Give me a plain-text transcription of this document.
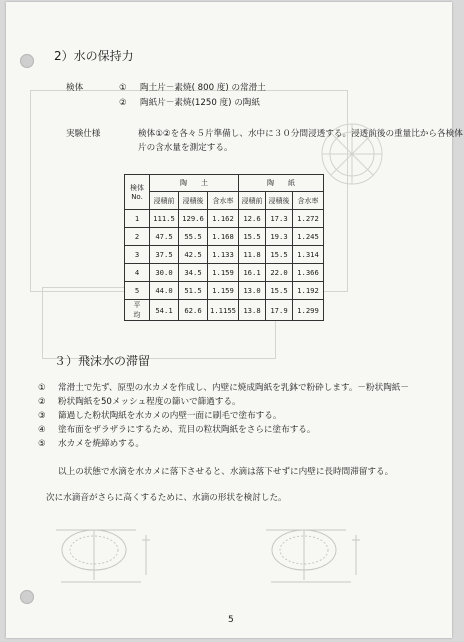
2）水の保持力
検体	① 陶土片－素焼( 800 度) の常滑土
② 陶紙片－素焼(1250 度) の陶紙
実験仕様	検体①②を各々５片準備し、水中に３０分間浸透する。浸透前後の重量比から各検体
片の含水量を測定する。
検体
No.	陶　　土			陶　　紙		
	浸積前	浸積後	含水率	浸積前	浸積後	含水率
1	111.5	129.6	1.162	12.6	17.3	1.272
2	47.5	55.5	1.168	15.5	19.3	1.245
3	37.5	42.5	1.133	11.8	15.5	1.314
4	30.0	34.5	1.159	16.1	22.0	1.366
5	44.0	51.5	1.159	13.0	15.5	1.192
平　均	54.1	62.6	1.1155	13.8	17.9	1.299
３）飛沫水の滞留
① 常滑土で先ず、原型の水カメを作成し、内壁に焼成陶紙を乳鉢で粉砕します。－粉状陶紙－
② 粉状陶紙を50メッシュ程度の篩いで篩過する。
③ 篩過した粉状陶紙を水カメの内壁一面に刷毛で塗布する。
④ 塗布面をザラザラにするため、荒目の粒状陶紙をさらに塗布する。
⑤ 水カメを焼締めする。
以上の状態で水滴を水カメに落下させると、水滴は落下せずに内壁に長時間滞留する。
次に水滴音がさらに高くするために、水滴の形状を検討した。
5
